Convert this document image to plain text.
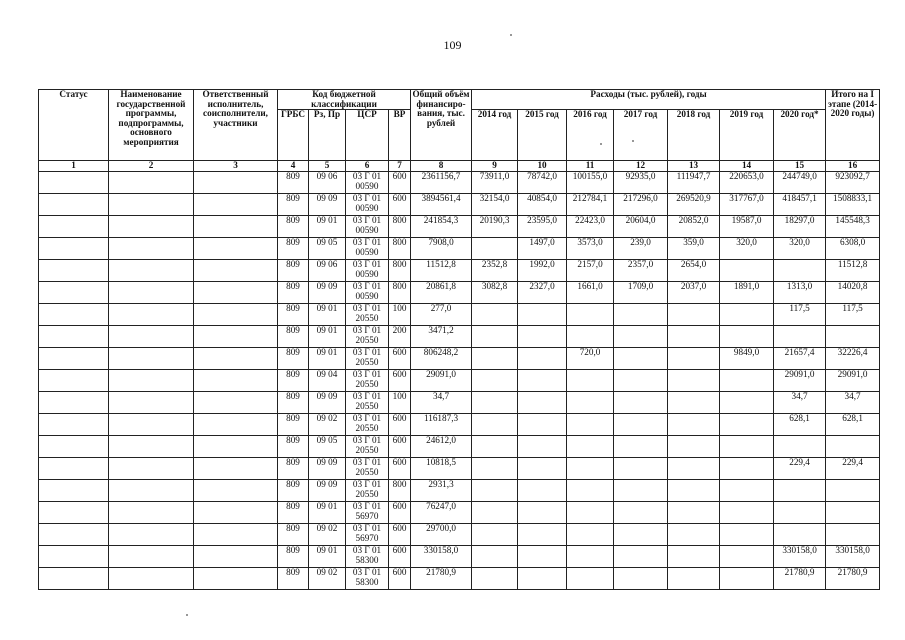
109
Статус	Наименование государственной программы, подпрограммы, основного мероприятия	Ответственный исполнитель, соисполнители, участники	Код бюджетной классификации				Общий объём финансиро-вания, тыс. рублей	Расходы (тыс. рублей), годы							Итого на I этапе (2014-2020 годы)
			ГРБС	Рз, Пр	ЦСР	ВР		2014 год	2015 год	2016 год	2017 год	2018 год	2019 год	2020 год*	
1	2	3	4	5	6	7	8	9	10	11	12	13	14	15	16
			809	09 06	03 Г 01 00590	600	2361156,7	73911,0	78742,0	100155,0	92935,0	111947,7	220653,0	244749,0	923092,7
			809	09 09	03 Г 01 00590	600	3894561,4	32154,0	40854,0	212784,1	217296,0	269520,9	317767,0	418457,1	1508833,1
			809	09 01	03 Г 01 00590	800	241854,3	20190,3	23595,0	22423,0	20604,0	20852,0	19587,0	18297,0	145548,3
			809	09 05	03 Г 01 00590	800	7908,0		1497,0	3573,0	239,0	359,0	320,0	320,0	6308,0
			809	09 06	03 Г 01 00590	800	11512,8	2352,8	1992,0	2157,0	2357,0	2654,0			11512,8
			809	09 09	03 Г 01 00590	800	20861,8	3082,8	2327,0	1661,0	1709,0	2037,0	1891,0	1313,0	14020,8
			809	09 01	03 Г 01 20550	100	277,0							117,5	117,5
			809	09 01	03 Г 01 20550	200	3471,2								
			809	09 01	03 Г 01 20550	600	806248,2			720,0			9849,0	21657,4	32226,4
			809	09 04	03 Г 01 20550	600	29091,0							29091,0	29091,0
			809	09 09	03 Г 01 20550	100	34,7							34,7	34,7
			809	09 02	03 Г 01 20550	600	116187,3							628,1	628,1
			809	09 05	03 Г 01 20550	600	24612,0								
			809	09 09	03 Г 01 20550	600	10818,5							229,4	229,4
			809	09 09	03 Г 01 20550	800	2931,3								
			809	09 01	03 Г 01 56970	600	76247,0								
			809	09 02	03 Г 01 56970	600	29700,0								
			809	09 01	03 Г 01 58300	600	330158,0							330158,0	330158,0
			809	09 02	03 Г 01 58300	600	21780,9							21780,9	21780,9
